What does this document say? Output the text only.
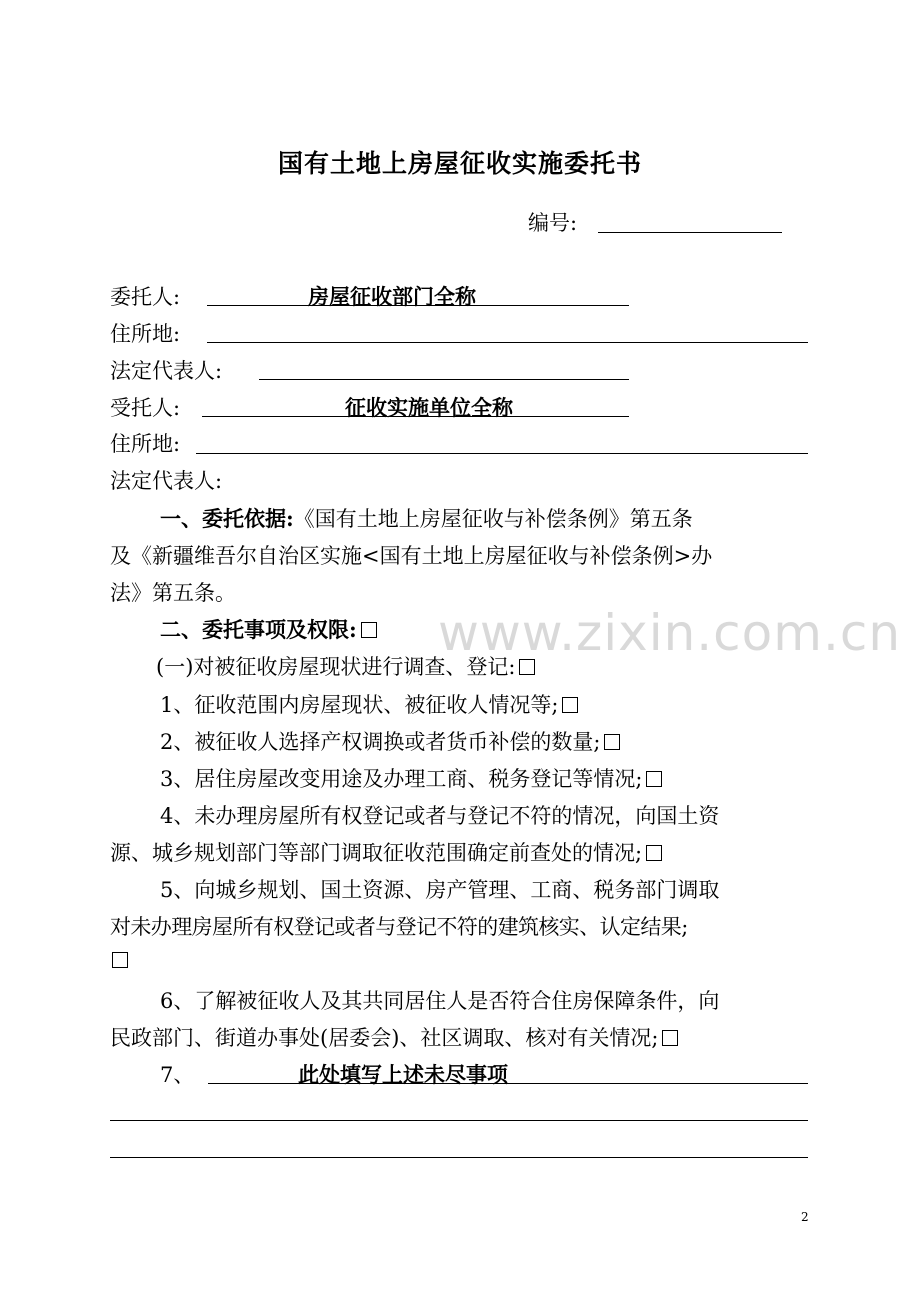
www.zixin.com.cn
国有土地上房屋征收实施委托书
编号:
委托人:	房屋征收部门全称
住所地:
法定代表人:
受托人:	征收实施单位全称
住所地:
法定代表人:
一、委托依据:《国有土地上房屋征收与补偿条例》第五条
及《新疆维吾尔自治区实施<国有土地上房屋征收与补偿条例>办
法》第五条。
二、委托事项及权限:
(一)对被征收房屋现状进行调查、登记:
1、征收范围内房屋现状、被征收人情况等;
2、被征收人选择产权调换或者货币补偿的数量;
3、居住房屋改变用途及办理工商、税务登记等情况;
4、未办理房屋所有权登记或者与登记不符的情况，向国土资
源、城乡规划部门等部门调取征收范围确定前查处的情况;
5、向城乡规划、国土资源、房产管理、工商、税务部门调取
对未办理房屋所有权登记或者与登记不符的建筑核实、认定结果;
6、了解被征收人及其共同居住人是否符合住房保障条件，向
民政部门、街道办事处(居委会)、社区调取、核对有关情况;
7、	此处填写上述未尽事项
2
